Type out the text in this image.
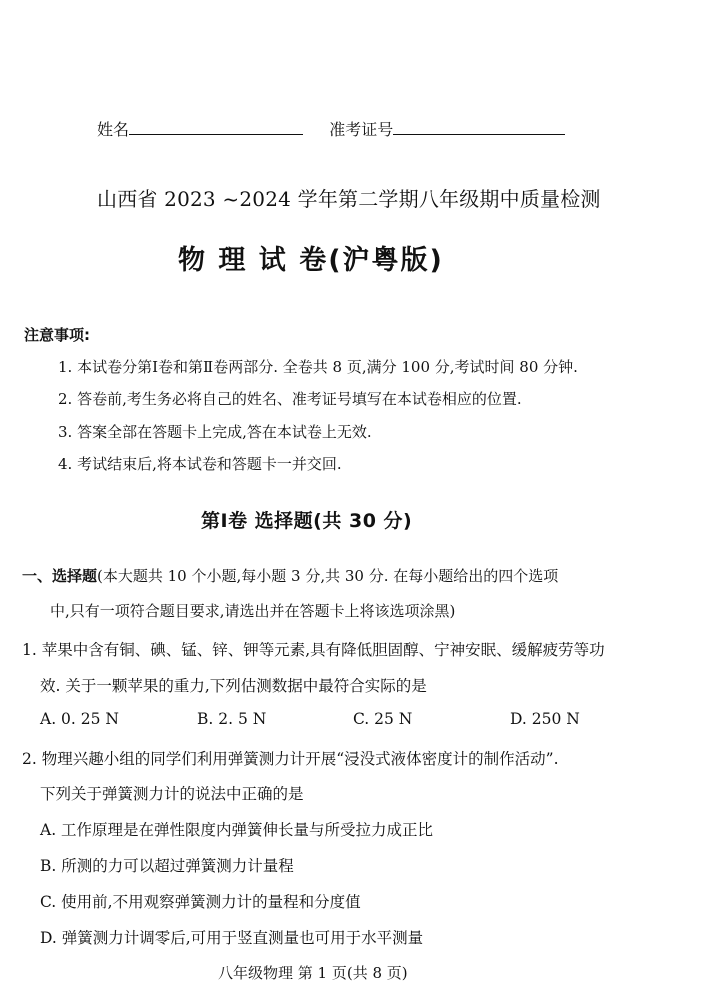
姓名	准考证号
山西省 2023 ~2024 学年第二学期八年级期中质量检测
物 理 试 卷(沪粤版)
注意事项:
1. 本试卷分第Ⅰ卷和第Ⅱ卷两部分. 全卷共 8 页,满分 100 分,考试时间 80 分钟.
2. 答卷前,考生务必将自己的姓名、准考证号填写在本试卷相应的位置.
3. 答案全部在答题卡上完成,答在本试卷上无效.
4. 考试结束后,将本试卷和答题卡一并交回.
第Ⅰ卷 选择题(共 30 分)
一、选择题(本大题共 10 个小题,每小题 3 分,共 30 分. 在每小题给出的四个选项
中,只有一项符合题目要求,请选出并在答题卡上将该选项涂黑)
1. 苹果中含有铜、碘、锰、锌、钾等元素,具有降低胆固醇、宁神安眠、缓解疲劳等功
效. 关于一颗苹果的重力,下列估测数据中最符合实际的是
A. 0. 25 N	B. 2. 5 N	C. 25 N	D. 250 N
2. 物理兴趣小组的同学们利用弹簧测力计开展“浸没式液体密度计的制作活动”.
下列关于弹簧测力计的说法中正确的是
A. 工作原理是在弹性限度内弹簧伸长量与所受拉力成正比
B. 所测的力可以超过弹簧测力计量程
C. 使用前,不用观察弹簧测力计的量程和分度值
D. 弹簧测力计调零后,可用于竖直测量也可用于水平测量
八年级物理 第 1 页(共 8 页)
